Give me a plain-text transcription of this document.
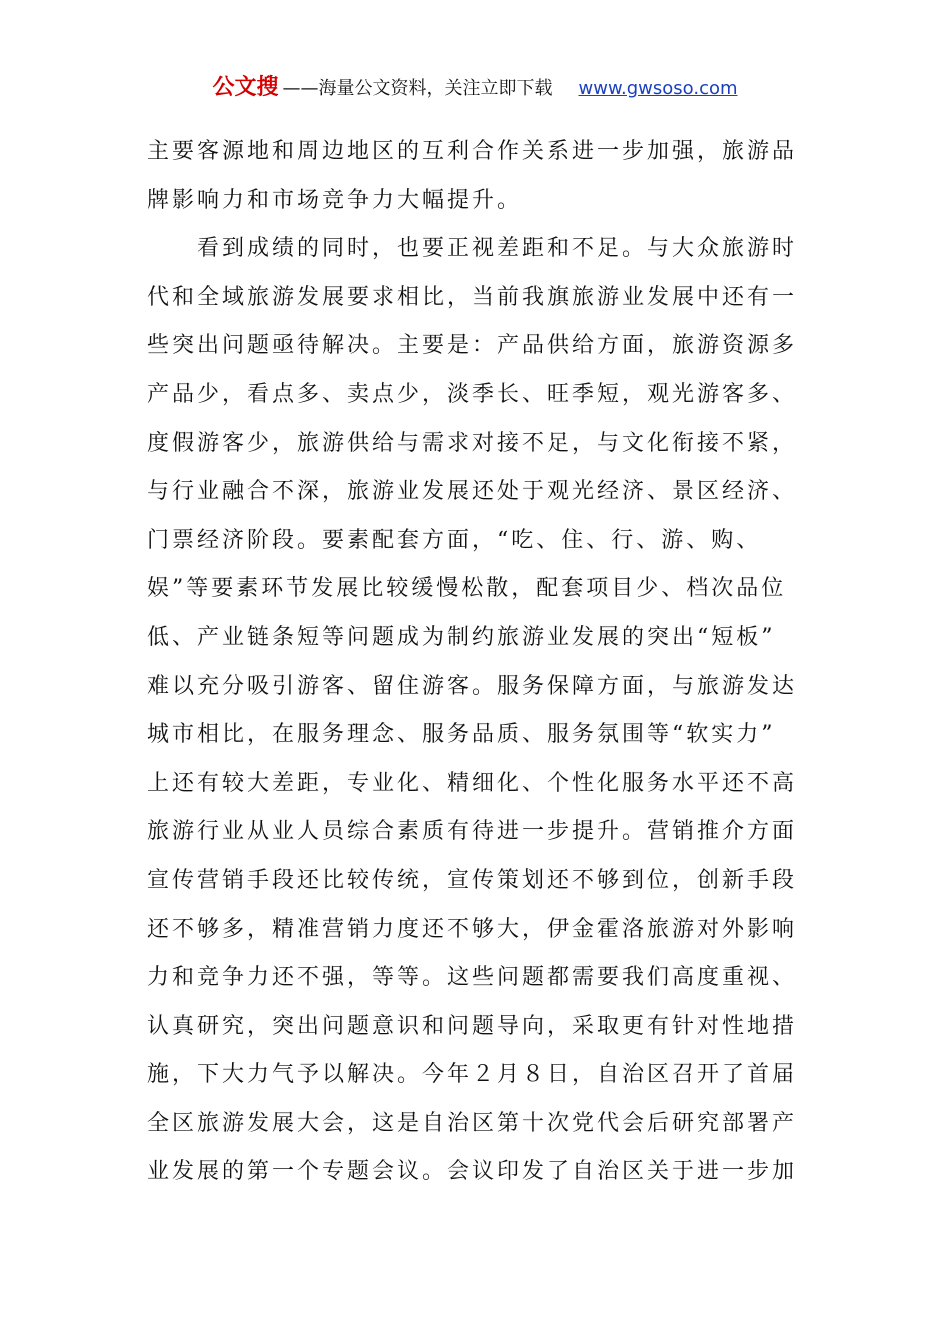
公文搜 ——海量公文资料，关注立即下载 www.gwsoso.com
主要客源地和周边地区的互利合作关系进一步加强，旅游品
牌影响力和市场竞争力大幅提升。
　　看到成绩的同时，也要正视差距和不足。与大众旅游时
代和全域旅游发展要求相比，当前我旗旅游业发展中还有一
些突出问题亟待解决。主要是：产品供给方面，旅游资源多
产品少，看点多、卖点少，淡季长、旺季短，观光游客多、
度假游客少，旅游供给与需求对接不足，与文化衔接不紧，
与行业融合不深，旅游业发展还处于观光经济、景区经济、
门票经济阶段。要素配套方面，“吃、住、行、游、购、
娱”等要素环节发展比较缓慢松散，配套项目少、档次品位
低、产业链条短等问题成为制约旅游业发展的突出“短板”
难以充分吸引游客、留住游客。服务保障方面，与旅游发达
城市相比，在服务理念、服务品质、服务氛围等“软实力”
上还有较大差距，专业化、精细化、个性化服务水平还不高
旅游行业从业人员综合素质有待进一步提升。营销推介方面
宣传营销手段还比较传统，宣传策划还不够到位，创新手段
还不够多，精准营销力度还不够大，伊金霍洛旅游对外影响
力和竞争力还不强，等等。这些问题都需要我们高度重视、
认真研究，突出问题意识和问题导向，采取更有针对性地措
施，下大力气予以解决。今年２月８日，自治区召开了首届
全区旅游发展大会，这是自治区第十次党代会后研究部署产
业发展的第一个专题会议。会议印发了自治区关于进一步加
